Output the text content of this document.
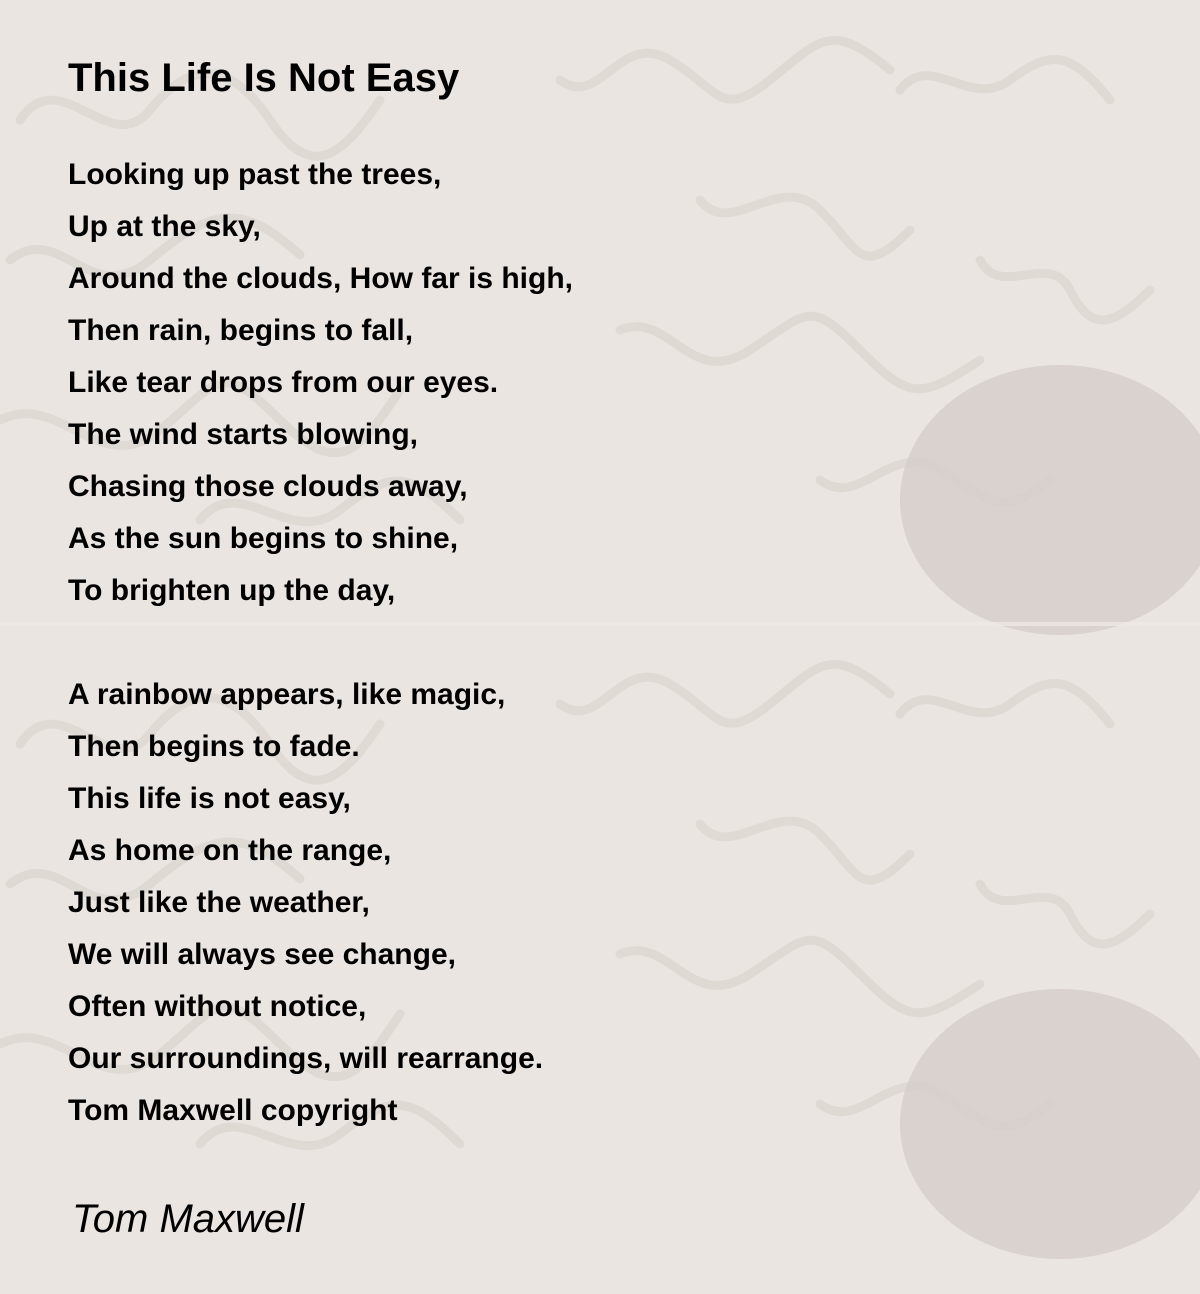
This Life Is Not Easy
Looking up past the trees,
Up at the sky,
Around the clouds, How far is high,
Then rain, begins to fall,
Like tear drops from our eyes.
The wind starts blowing,
Chasing those clouds away,
As the sun begins to shine,
To brighten up the day,
A rainbow appears, like magic,
Then begins to fade.
This life is not easy,
As home on the range,
Just like the weather,
We will always see change,
Often without notice,
Our surroundings, will rearrange.
Tom Maxwell copyright
Tom Maxwell
